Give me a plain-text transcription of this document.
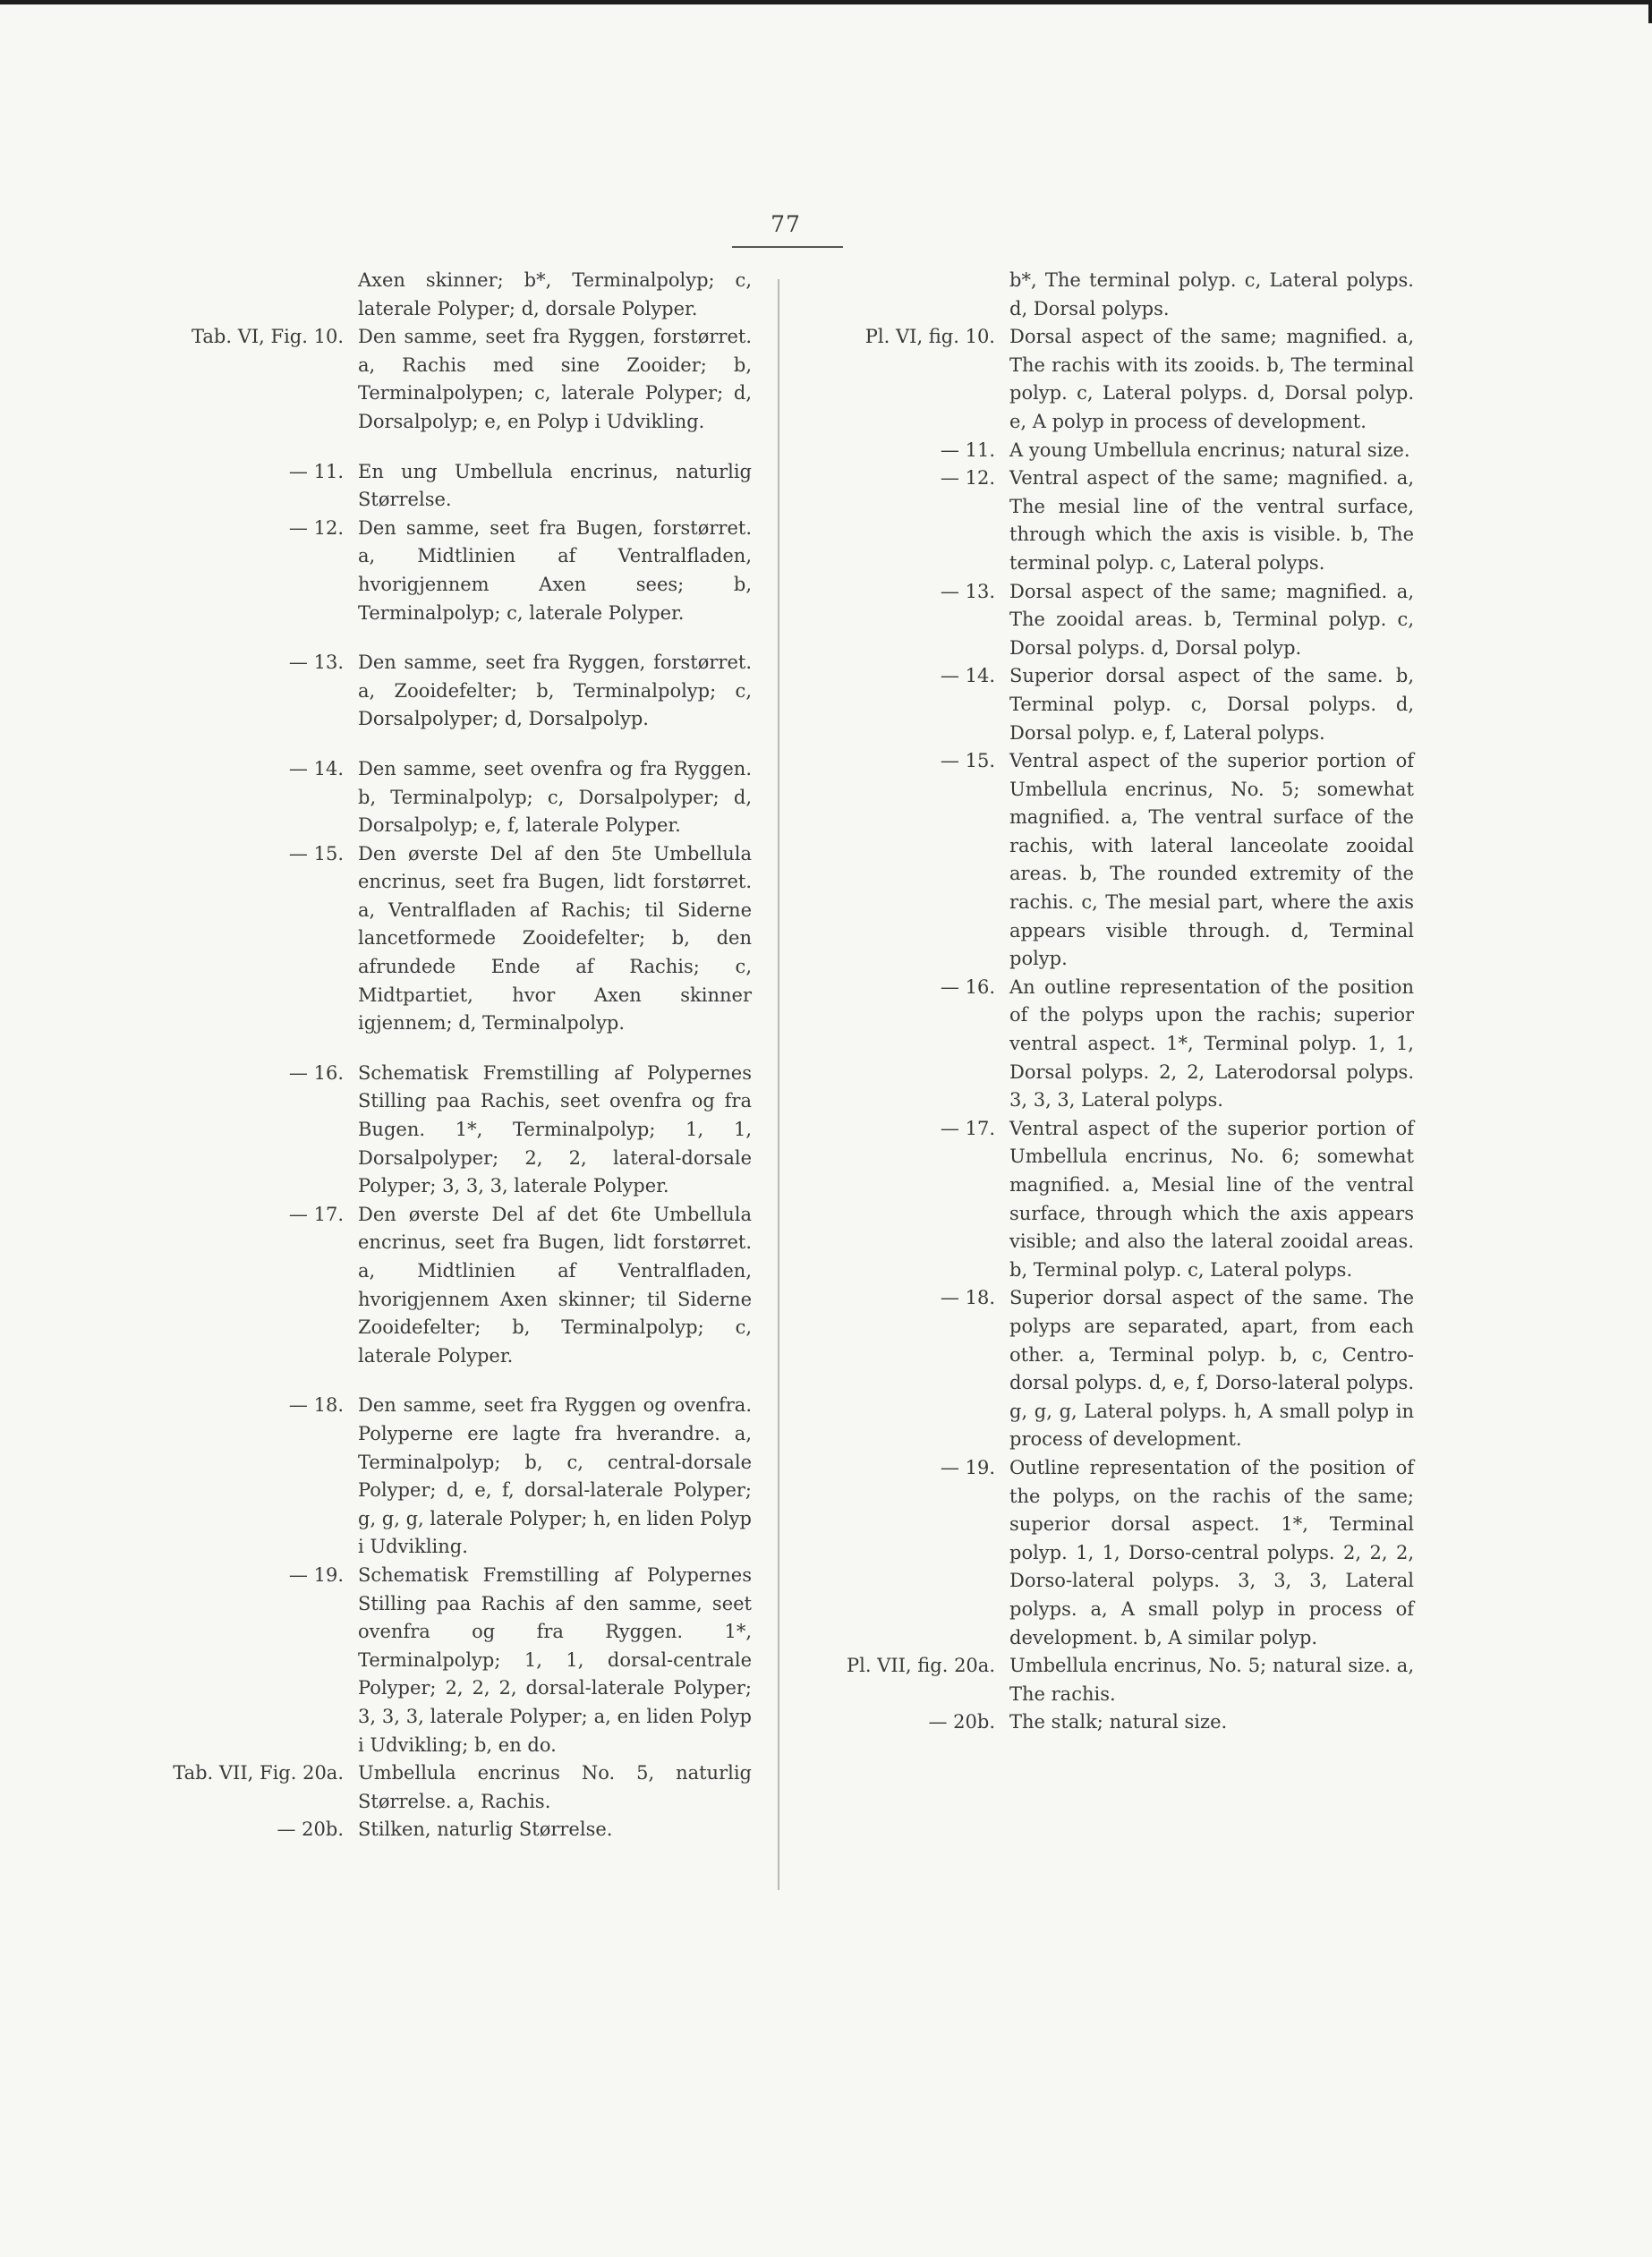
77
Axen skinner; b*, Terminalpolyp; c, laterale Polyper; d, dorsale Polyper.
Tab. VI, Fig. 10. Den samme, seet fra Ryggen, forstørret. a, Rachis med sine Zooider; b, Terminalpolypen; c, laterale Polyper; d, Dorsalpolyp; e, en Polyp i Udvikling.
— 11. En ung Umbellula encrinus, naturlig Størrelse.
— 12. Den samme, seet fra Bugen, forstørret. a, Midtlinien af Ventralfladen, hvorigjennem Axen sees; b, Terminalpolyp; c, laterale Polyper.
— 13. Den samme, seet fra Ryggen, forstørret. a, Zooidefelter; b, Terminalpolyp; c, Dorsalpolyper; d, Dorsalpolyp.
— 14. Den samme, seet ovenfra og fra Ryggen. b, Terminalpolyp; c, Dorsalpolyper; d, Dorsalpolyp; e, f, laterale Polyper.
— 15. Den øverste Del af den 5te Umbellula encrinus, seet fra Bugen, lidt forstørret. a, Ventralfladen af Rachis; til Siderne lancetformede Zooidefelter; b, den afrundede Ende af Rachis; c, Midtpartiet, hvor Axen skinner igjennem; d, Terminalpolyp.
— 16. Schematisk Fremstilling af Polypernes Stilling paa Rachis, seet ovenfra og fra Bugen. 1*, Terminalpolyp; 1, 1, Dorsalpolyper; 2, 2, lateral-dorsale Polyper; 3, 3, 3, laterale Polyper.
— 17. Den øverste Del af det 6te Umbellula encrinus, seet fra Bugen, lidt forstørret. a, Midtlinien af Ventralfladen, hvorigjennem Axen skinner; til Siderne Zooidefelter; b, Terminalpolyp; c, laterale Polyper.
— 18. Den samme, seet fra Ryggen og ovenfra. Polyperne ere lagte fra hverandre. a, Terminalpolyp; b, c, central-dorsale Polyper; d, e, f, dorsal-laterale Polyper; g, g, g, laterale Polyper; h, en liden Polyp i Udvikling.
— 19. Schematisk Fremstilling af Polypernes Stilling paa Rachis af den samme, seet ovenfra og fra Ryggen. 1*, Terminalpolyp; 1, 1, dorsal-centrale Polyper; 2, 2, 2, dorsal-laterale Polyper; 3, 3, 3, laterale Polyper; a, en liden Polyp i Udvikling; b, en do.
Tab. VII, Fig. 20a. Umbellula encrinus No. 5, naturlig Størrelse. a, Rachis.
— 20b. Stilken, naturlig Størrelse.
b*, The terminal polyp. c, Lateral polyps. d, Dorsal polyps.
Pl. VI, fig. 10. Dorsal aspect of the same; magnified. a, The rachis with its zooids. b, The terminal polyp. c, Lateral polyps. d, Dorsal polyp. e, A polyp in process of development.
— 11. A young Umbellula encrinus; natural size.
— 12. Ventral aspect of the same; magnified. a, The mesial line of the ventral surface, through which the axis is visible. b, The terminal polyp. c, Lateral polyps.
— 13. Dorsal aspect of the same; magnified. a, The zooidal areas. b, Terminal polyp. c, Dorsal polyps. d, Dorsal polyp.
— 14. Superior dorsal aspect of the same. b, Terminal polyp. c, Dorsal polyps. d, Dorsal polyp. e, f, Lateral polyps.
— 15. Ventral aspect of the superior portion of Umbellula encrinus, No. 5; somewhat magnified. a, The ventral surface of the rachis, with lateral lanceolate zooidal areas. b, The rounded extremity of the rachis. c, The mesial part, where the axis appears visible through. d, Terminal polyp.
— 16. An outline representation of the position of the polyps upon the rachis; superior ventral aspect. 1*, Terminal polyp. 1, 1, Dorsal polyps. 2, 2, Laterodorsal polyps. 3, 3, 3, Lateral polyps.
— 17. Ventral aspect of the superior portion of Umbellula encrinus, No. 6; somewhat magnified. a, Mesial line of the ventral surface, through which the axis appears visible; and also the lateral zooidal areas. b, Terminal polyp. c, Lateral polyps.
— 18. Superior dorsal aspect of the same. The polyps are separated, apart, from each other. a, Terminal polyp. b, c, Centro-dorsal polyps. d, e, f, Dorso-lateral polyps. g, g, g, Lateral polyps. h, A small polyp in process of development.
— 19. Outline representation of the position of the polyps, on the rachis of the same; superior dorsal aspect. 1*, Terminal polyp. 1, 1, Dorso-central polyps. 2, 2, 2, Dorso-lateral polyps. 3, 3, 3, Lateral polyps. a, A small polyp in process of development. b, A similar polyp.
Pl. VII, fig. 20a. Umbellula encrinus, No. 5; natural size. a, The rachis.
— 20b. The stalk; natural size.
